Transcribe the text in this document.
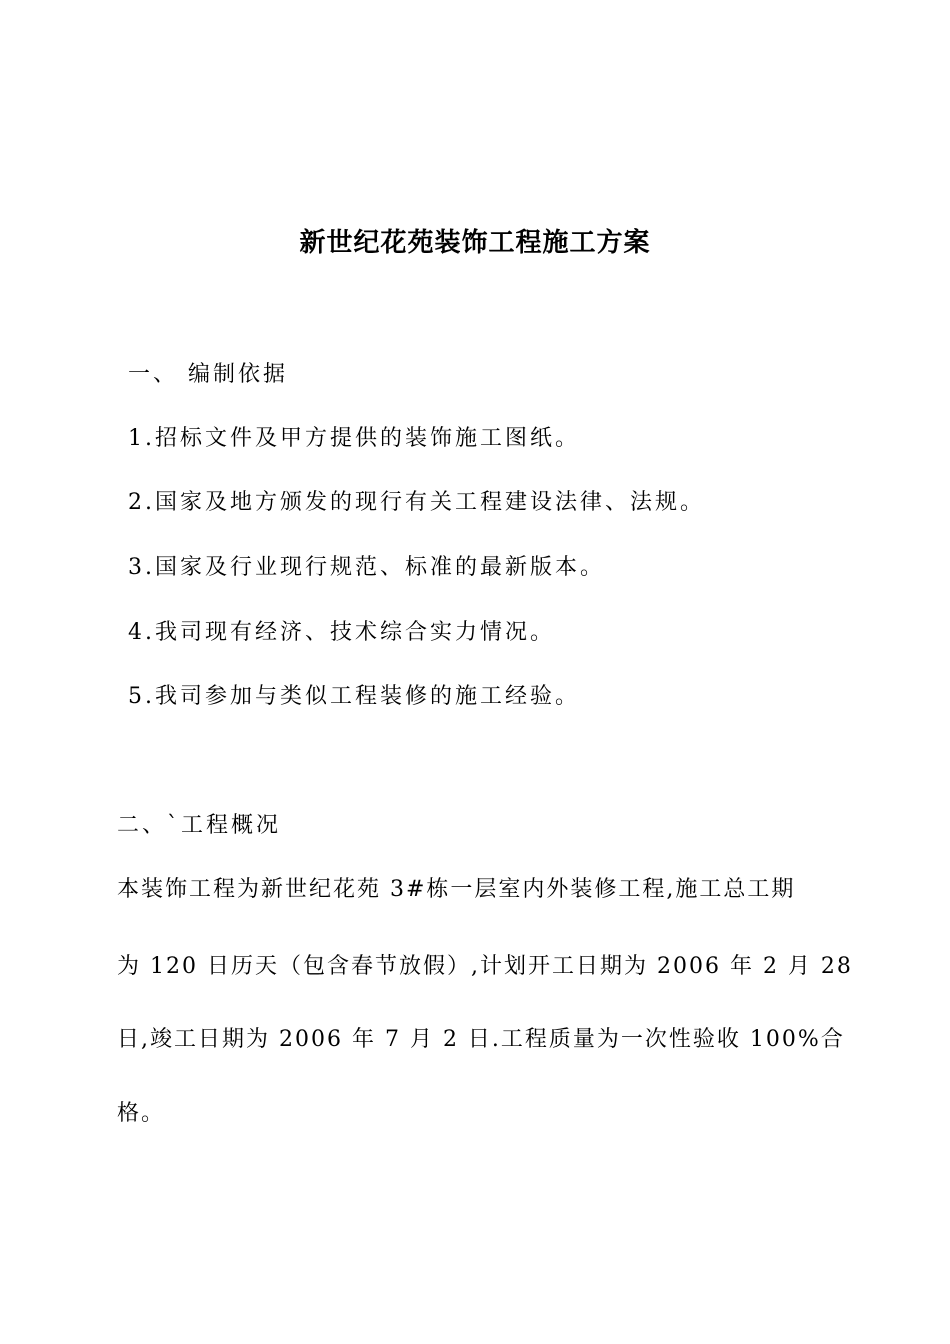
新世纪花苑装饰工程施工方案
一、 编制依据
1.招标文件及甲方提供的装饰施工图纸。
2.国家及地方颁发的现行有关工程建设法律、法规。
3.国家及行业现行规范、标准的最新版本。
4.我司现有经济、技术综合实力情况。
5.我司参加与类似工程装修的施工经验。
二、`工程概况
本装饰工程为新世纪花苑 3#栋一层室内外装修工程,施工总工期
为 120 日历天（包含春节放假）,计划开工日期为 2006 年 2 月 28
日,竣工日期为 2006 年 7 月 2 日.工程质量为一次性验收 100%合
格。
